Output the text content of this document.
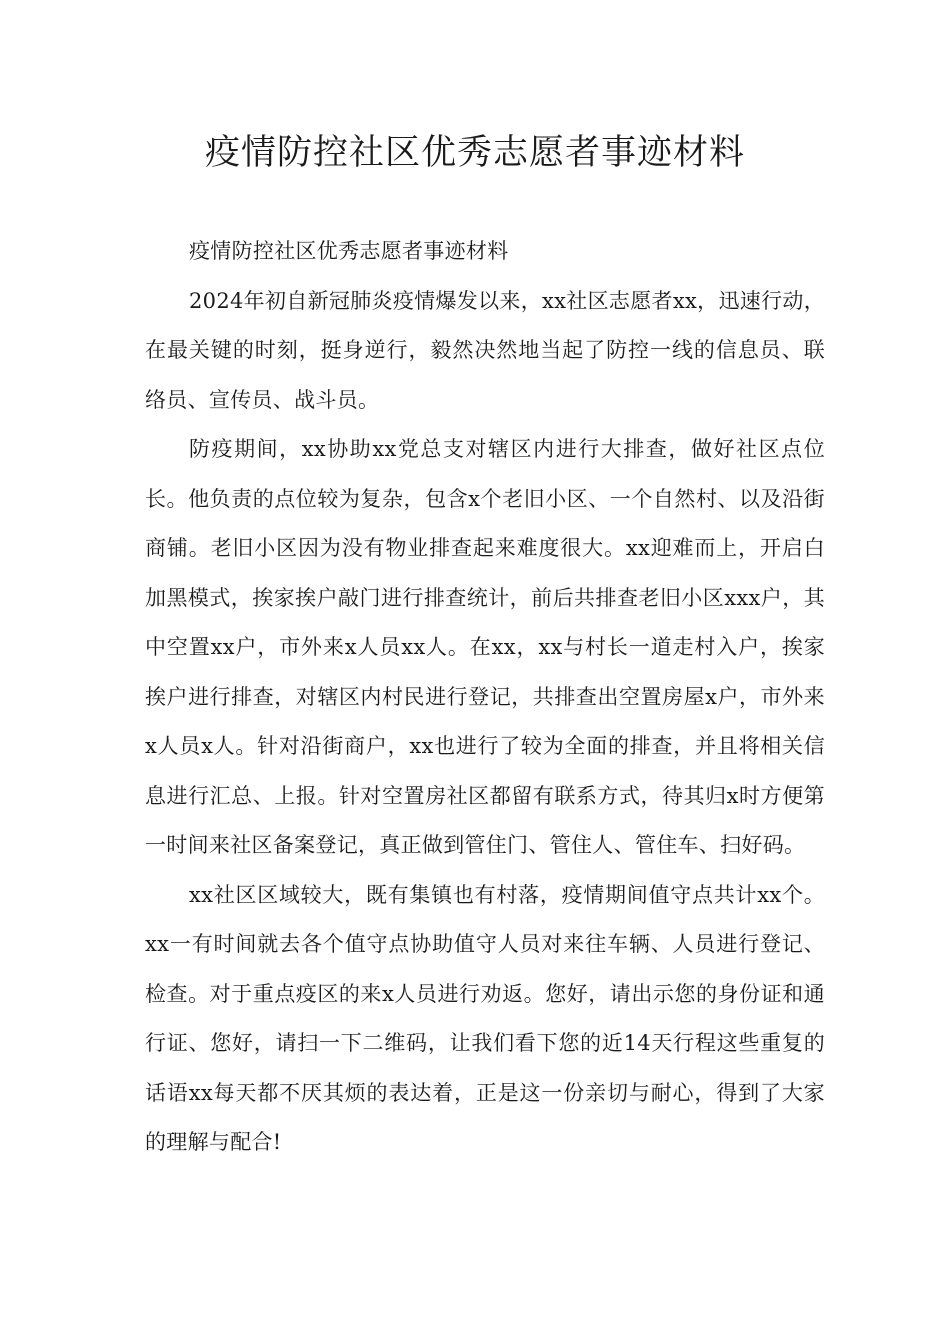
疫情防控社区优秀志愿者事迹材料

疫情防控社区优秀志愿者事迹材料

2024年初自新冠肺炎疫情爆发以来，xx社区志愿者xx，迅速行动，在最关键的时刻，挺身逆行，毅然决然地当起了防控一线的信息员、联络员、宣传员、战斗员。

防疫期间，xx协助xx党总支对辖区内进行大排查，做好社区点位长。他负责的点位较为复杂，包含x个老旧小区、一个自然村、以及沿街商铺。老旧小区因为没有物业排查起来难度很大。xx迎难而上，开启白加黑模式，挨家挨户敲门进行排查统计，前后共排查老旧小区xxx户，其中空置xx户，市外来x人员xx人。在xx，xx与村长一道走村入户，挨家挨户进行排查，对辖区内村民进行登记，共排查出空置房屋x户，市外来x人员x人。针对沿街商户，xx也进行了较为全面的排查，并且将相关信息进行汇总、上报。针对空置房社区都留有联系方式，待其归x时方便第一时间来社区备案登记，真正做到管住门、管住人、管住车、扫好码。

xx社区区域较大，既有集镇也有村落，疫情期间值守点共计xx个。xx一有时间就去各个值守点协助值守人员对来往车辆、人员进行登记、检查。对于重点疫区的来x人员进行劝返。您好，请出示您的身份证和通行证、您好，请扫一下二维码，让我们看下您的近14天行程这些重复的话语xx每天都不厌其烦的表达着，正是这一份亲切与耐心，得到了大家的理解与配合!
